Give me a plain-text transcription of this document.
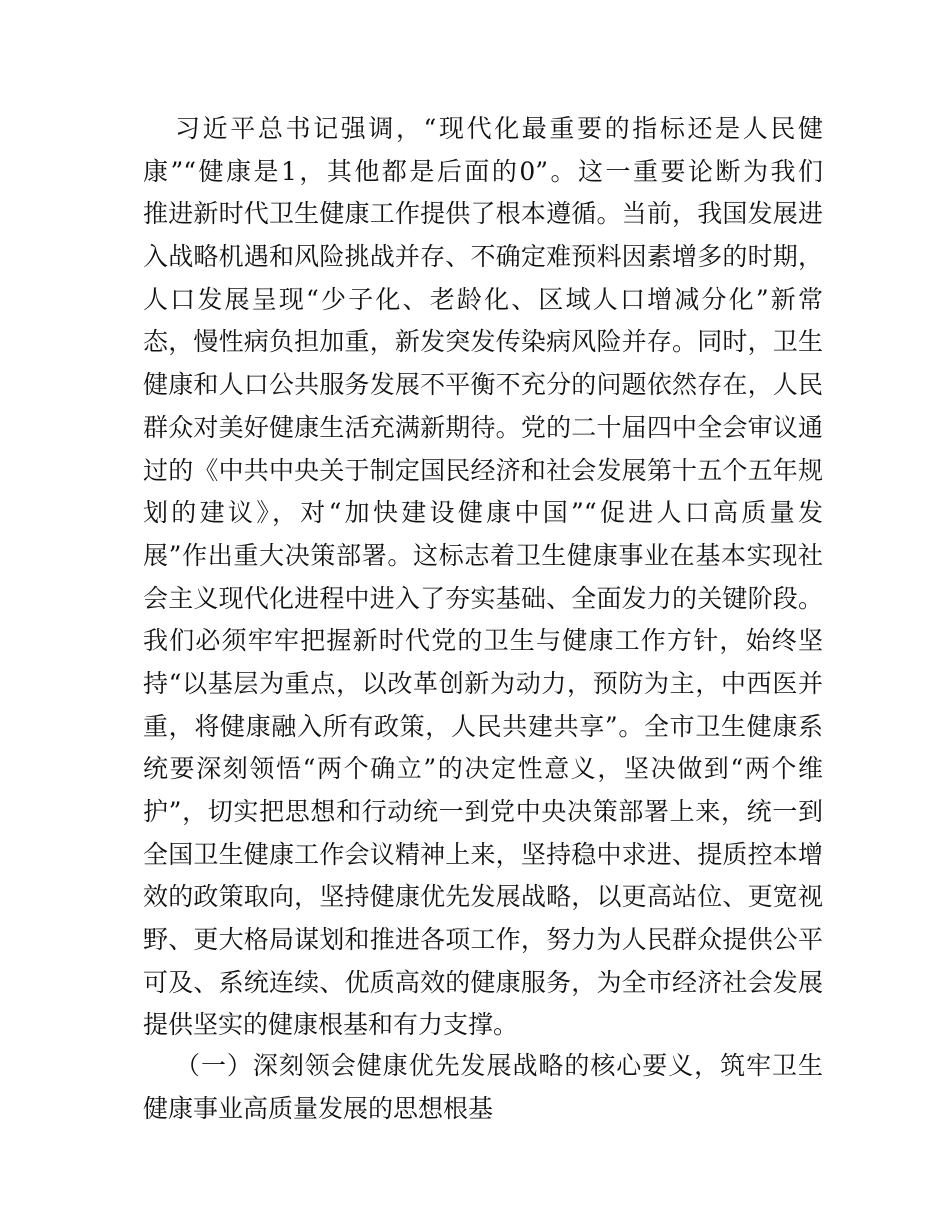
习近平总书记强调，“现代化最重要的指标还是人民健
康”“健康是1，其他都是后面的0”。这一重要论断为我们
推进新时代卫生健康工作提供了根本遵循。当前，我国发展进
入战略机遇和风险挑战并存、不确定难预料因素增多的时期，
人口发展呈现“少子化、老龄化、区域人口增减分化”新常
态，慢性病负担加重，新发突发传染病风险并存。同时，卫生
健康和人口公共服务发展不平衡不充分的问题依然存在，人民
群众对美好健康生活充满新期待。党的二十届四中全会审议通
过的《中共中央关于制定国民经济和社会发展第十五个五年规
划的建议》，对“加快建设健康中国”“促进人口高质量发
展”作出重大决策部署。这标志着卫生健康事业在基本实现社
会主义现代化进程中进入了夯实基础、全面发力的关键阶段。
我们必须牢牢把握新时代党的卫生与健康工作方针，始终坚
持“以基层为重点，以改革创新为动力，预防为主，中西医并
重，将健康融入所有政策，人民共建共享”。全市卫生健康系
统要深刻领悟“两个确立”的决定性意义，坚决做到“两个维
护”，切实把思想和行动统一到党中央决策部署上来，统一到
全国卫生健康工作会议精神上来，坚持稳中求进、提质控本增
效的政策取向，坚持健康优先发展战略，以更高站位、更宽视
野、更大格局谋划和推进各项工作，努力为人民群众提供公平
可及、系统连续、优质高效的健康服务，为全市经济社会发展
提供坚实的健康根基和有力支撑。
（一）深刻领会健康优先发展战略的核心要义，筑牢卫生
健康事业高质量发展的思想根基
